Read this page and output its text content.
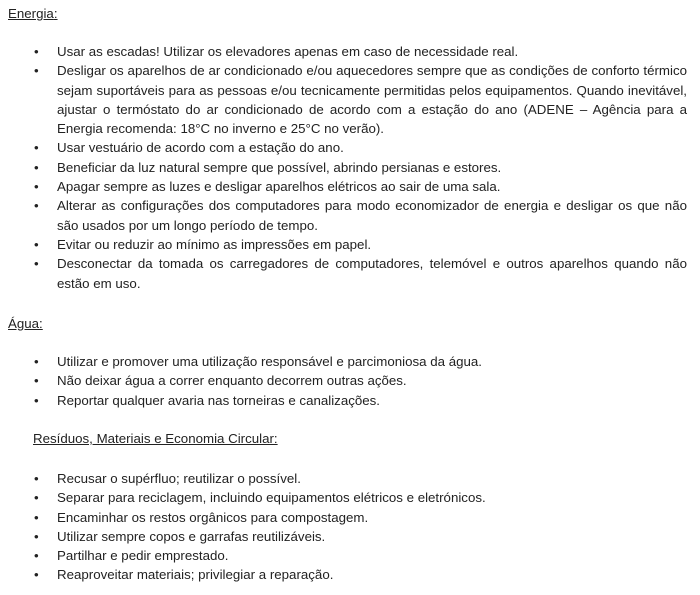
Energia:
• Usar as escadas! Utilizar os elevadores apenas em caso de necessidade real.
• Desligar os aparelhos de ar condicionado e/ou aquecedores sempre que as condições de conforto térmico sejam suportáveis para as pessoas e/ou tecnicamente permitidas pelos equipamentos. Quando inevitável, ajustar o termóstato do ar condicionado de acordo com a estação do ano (ADENE – Agência para a Energia recomenda: 18°C no inverno e 25°C no verão).
• Usar vestuário de acordo com a estação do ano.
• Beneficiar da luz natural sempre que possível, abrindo persianas e estores.
• Apagar sempre as luzes e desligar aparelhos elétricos ao sair de uma sala.
• Alterar as configurações dos computadores para modo economizador de energia e desligar os que não são usados por um longo período de tempo.
• Evitar ou reduzir ao mínimo as impressões em papel.
• Desconectar da tomada os carregadores de computadores, telemóvel e outros aparelhos quando não estão em uso.
Água:
• Utilizar e promover uma utilização responsável e parcimoniosa da água.
• Não deixar água a correr enquanto decorrem outras ações.
• Reportar qualquer avaria nas torneiras e canalizações.
Resíduos, Materiais e Economia Circular:
• Recusar o supérfluo; reutilizar o possível.
• Separar para reciclagem, incluindo equipamentos elétricos e eletrónicos.
• Encaminhar os restos orgânicos para compostagem.
• Utilizar sempre copos e garrafas reutilizáveis.
• Partilhar e pedir emprestado.
• Reaproveitar materiais; privilegiar a reparação.
